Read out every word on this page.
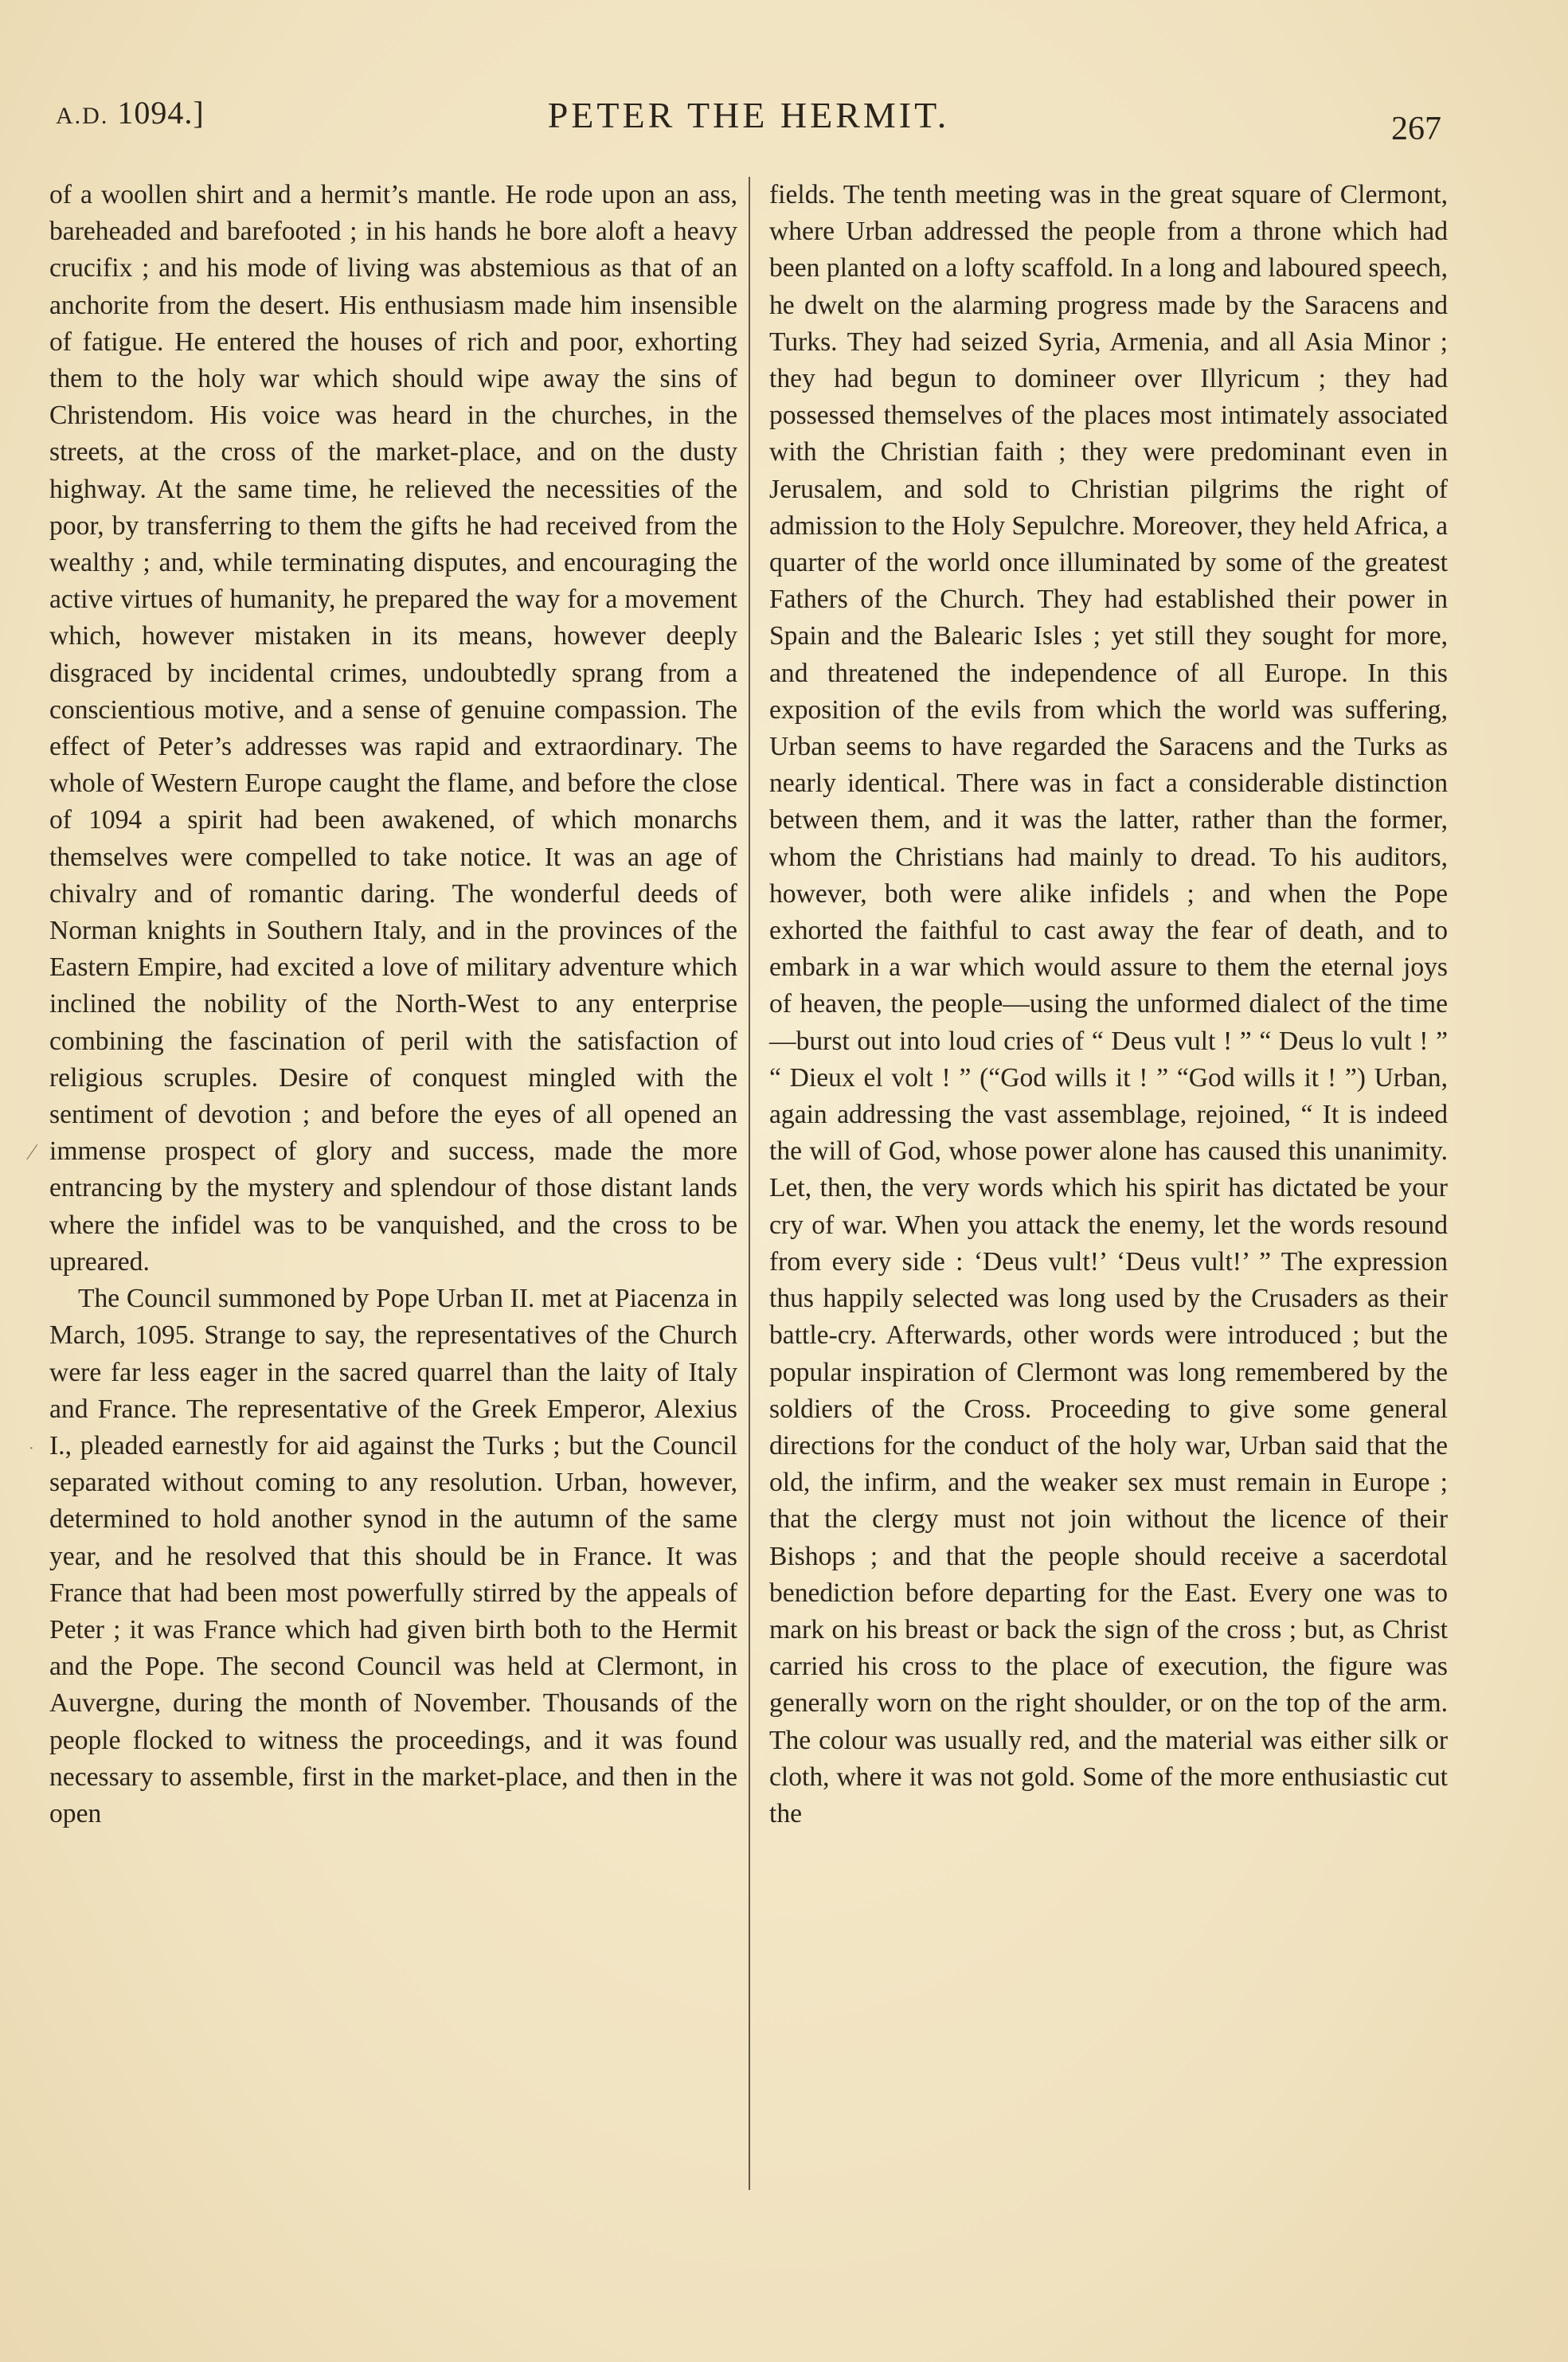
A.D. 1094.]	PETER THE HERMIT.	267

of a woollen shirt and a hermit’s mantle. He rode upon an ass, bareheaded and barefooted ; in his hands he bore aloft a heavy crucifix ; and his mode of living was abstemious as that of an anchorite from the desert. His enthusiasm made him insensible of fatigue. He entered the houses of rich and poor, exhorting them to the holy war which should wipe away the sins of Christendom. His voice was heard in the churches, in the streets, at the cross of the market-place, and on the dusty highway. At the same time, he relieved the necessities of the poor, by transferring to them the gifts he had received from the wealthy ; and, while terminating disputes, and encouraging the active virtues of humanity, he prepared the way for a movement which, however mistaken in its means, however deeply disgraced by incidental crimes, undoubtedly sprang from a conscientious motive, and a sense of genuine compassion. The effect of Peter’s addresses was rapid and extraordinary. The whole of Western Europe caught the flame, and before the close of 1094 a spirit had been awakened, of which monarchs themselves were compelled to take notice. It was an age of chivalry and of romantic daring. The wonderful deeds of Norman knights in Southern Italy, and in the provinces of the Eastern Empire, had excited a love of military adventure which inclined the nobility of the North-West to any enterprise combining the fascination of peril with the satisfaction of religious scruples. Desire of conquest mingled with the sentiment of devotion ; and before the eyes of all opened an immense prospect of glory and success, made the more entrancing by the mystery and splendour of those distant lands where the infidel was to be vanquished, and the cross to be upreared.

The Council summoned by Pope Urban II. met at Piacenza in March, 1095. Strange to say, the representatives of the Church were far less eager in the sacred quarrel than the laity of Italy and France. The representative of the Greek Emperor, Alexius I., pleaded earnestly for aid against the Turks ; but the Council separated without coming to any resolution. Urban, however, determined to hold another synod in the autumn of the same year, and he resolved that this should be in France. It was France that had been most powerfully stirred by the appeals of Peter ; it was France which had given birth both to the Hermit and the Pope. The second Council was held at Clermont, in Auvergne, during the month of November. Thousands of the people flocked to witness the proceedings, and it was found necessary to assemble, first in the market-place, and then in the open

fields. The tenth meeting was in the great square of Clermont, where Urban addressed the people from a throne which had been planted on a lofty scaffold. In a long and laboured speech, he dwelt on the alarming progress made by the Saracens and Turks. They had seized Syria, Armenia, and all Asia Minor ; they had begun to domineer over Illyricum ; they had possessed themselves of the places most intimately associated with the Christian faith ; they were predominant even in Jerusalem, and sold to Christian pilgrims the right of admission to the Holy Sepulchre. Moreover, they held Africa, a quarter of the world once illuminated by some of the greatest Fathers of the Church. They had established their power in Spain and the Balearic Isles ; yet still they sought for more, and threatened the independence of all Europe. In this exposition of the evils from which the world was suffering, Urban seems to have regarded the Saracens and the Turks as nearly identical. There was in fact a considerable distinction between them, and it was the latter, rather than the former, whom the Christians had mainly to dread. To his auditors, however, both were alike infidels ; and when the Pope exhorted the faithful to cast away the fear of death, and to embark in a war which would assure to them the eternal joys of heaven, the people—using the unformed dialect of the time—burst out into loud cries of “ Deus vult ! ” “ Deus lo vult ! ” “ Dieux el volt ! ” (“God wills it ! ” “God wills it ! ”) Urban, again addressing the vast assemblage, rejoined, “ It is indeed the will of God, whose power alone has caused this unanimity. Let, then, the very words which his spirit has dictated be your cry of war. When you attack the enemy, let the words resound from every side : ‘Deus vult!’ ‘Deus vult!’ ” The expression thus happily selected was long used by the Crusaders as their battle-cry. Afterwards, other words were introduced ; but the popular inspiration of Clermont was long remembered by the soldiers of the Cross. Proceeding to give some general directions for the conduct of the holy war, Urban said that the old, the infirm, and the weaker sex must remain in Europe ; that the clergy must not join without the licence of their Bishops ; and that the people should receive a sacerdotal benediction before departing for the East. Every one was to mark on his breast or back the sign of the cross ; but, as Christ carried his cross to the place of execution, the figure was generally worn on the right shoulder, or on the top of the arm. The colour was usually red, and the material was either silk or cloth, where it was not gold. Some of the more enthusiastic cut the

⁄
·
